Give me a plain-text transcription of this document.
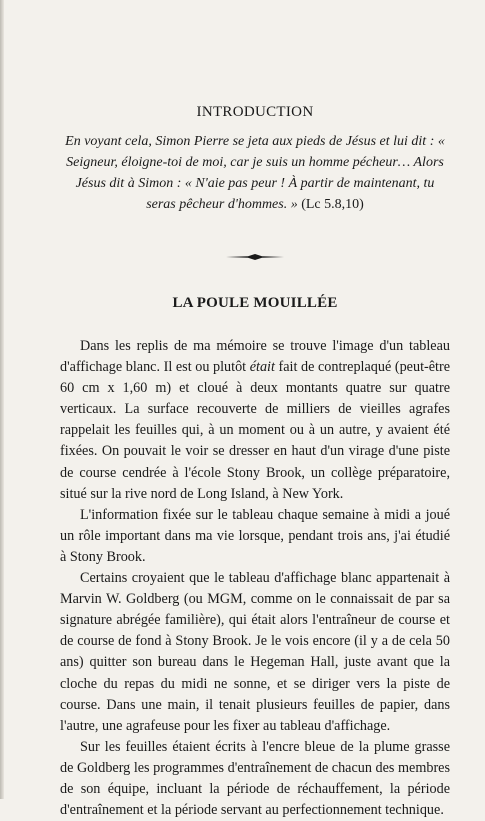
INTRODUCTION
En voyant cela, Simon Pierre se jeta aux pieds de Jésus et lui dit : « Seigneur, éloigne-toi de moi, car je suis un homme pécheur… Alors Jésus dit à Simon : « N'aie pas peur ! À partir de maintenant, tu seras pêcheur d'hommes. » (Lc 5.8,10)
LA POULE MOUILLÉE

Dans les replis de ma mémoire se trouve l'image d'un tableau d'affichage blanc. Il est ou plutôt était fait de contreplaqué (peut-être 60 cm x 1,60 m) et cloué à deux montants quatre sur quatre verticaux. La surface recouverte de milliers de vieilles agrafes rappelait les feuilles qui, à un moment ou à un autre, y avaient été fixées. On pouvait le voir se dresser en haut d'un virage d'une piste de course cendrée à l'école Stony Brook, un collège préparatoire, situé sur la rive nord de Long Island, à New York.

L'information fixée sur le tableau chaque semaine à midi a joué un rôle important dans ma vie lorsque, pendant trois ans, j'ai étudié à Stony Brook.

Certains croyaient que le tableau d'affichage blanc appartenait à Marvin W. Goldberg (ou MGM, comme on le connaissait de par sa signature abrégée familière), qui était alors l'entraîneur de course et de course de fond à Stony Brook. Je le vois encore (il y a de cela 50 ans) quitter son bureau dans le Hegeman Hall, juste avant que la cloche du repas du midi ne sonne, et se diriger vers la piste de course. Dans une main, il tenait plusieurs feuilles de papier, dans l'autre, une agrafeuse pour les fixer au tableau d'affichage.

Sur les feuilles étaient écrits à l'encre bleue de la plume grasse de Goldberg les programmes d'entraînement de chacun des membres de son équipe, incluant la période de réchauffement, la période d'entraînement et la période servant au perfectionnement technique.
